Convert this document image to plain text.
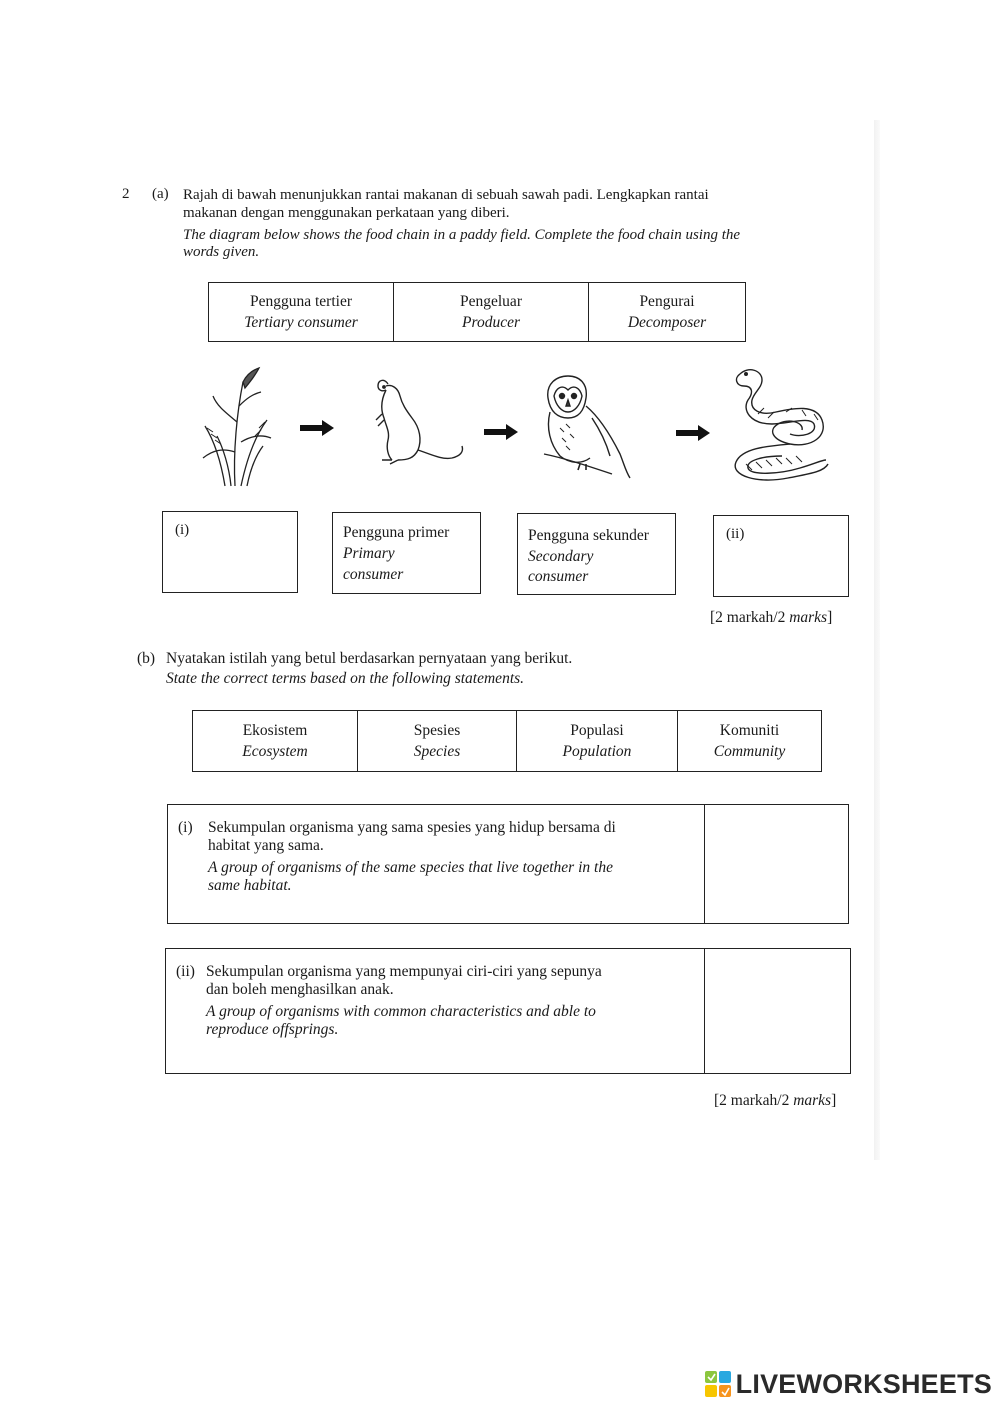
2 (a) Rajah di bawah menunjukkan rantai makanan di sebuah sawah padi. Lengkapkan rantai
makanan dengan menggunakan perkataan yang diberi.
The diagram below shows the food chain in a paddy field. Complete the food chain using the
words given.
Pengguna tertier
Tertiary consumer

Pengeluar
Producer

Pengurai
Decomposer
(i)	Pengguna primer
Primary
consumer
Pengguna sekunder
Secondary
consumer
(ii)
[2 markah/2 marks]
(b) Nyatakan istilah yang betul berdasarkan pernyataan yang berikut.
State the correct terms based on the following statements.
Ekosistem
Ecosystem

Spesies
Species

Populasi
Population

Komuniti
Community
(i) Sekumpulan organisma yang sama spesies yang hidup bersama di
habitat yang sama.
A group of organisms of the same species that live together in the
same habitat.
(ii) Sekumpulan organisma yang mempunyai ciri-ciri yang sepunya
dan boleh menghasilkan anak.
A group of organisms with common characteristics and able to
reproduce offsprings.
[2 markah/2 marks]
LIVEWORKSHEETS
